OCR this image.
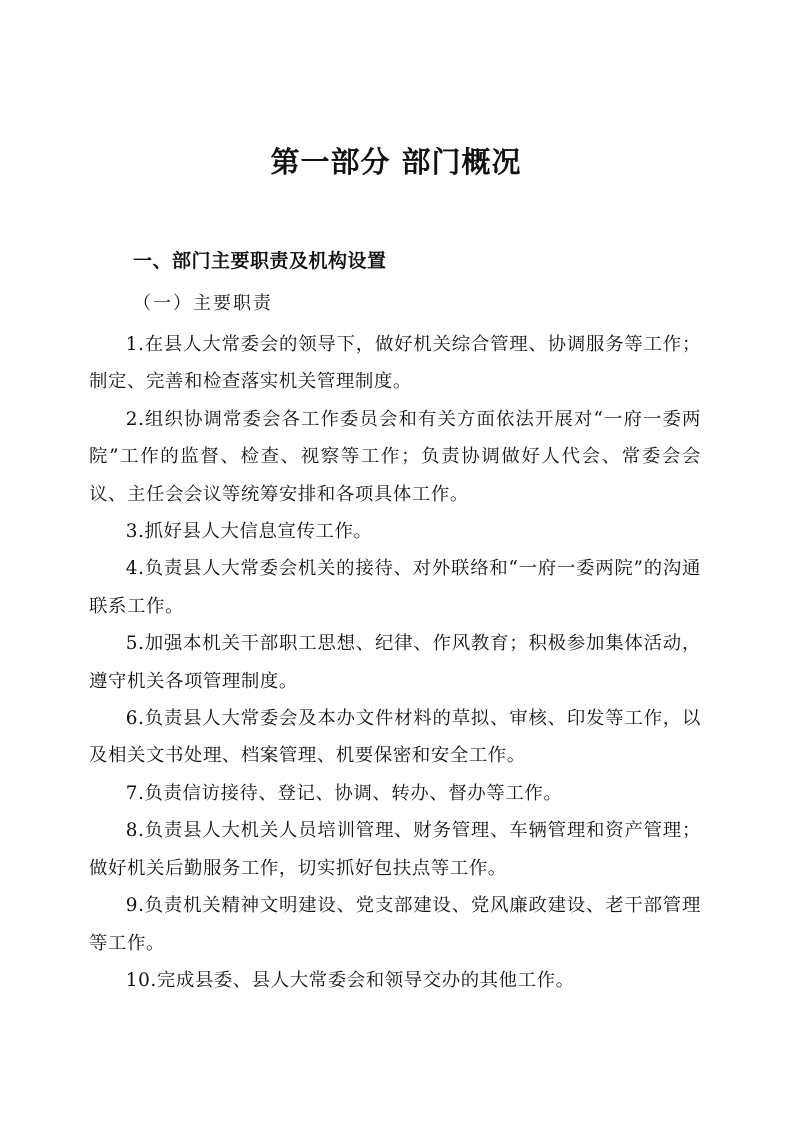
第一部分 部门概况
一、部门主要职责及机构设置
（一）主要职责

1.在县人大常委会的领导下，做好机关综合管理、协调服务等工作；制定、完善和检查落实机关管理制度。

2.组织协调常委会各工作委员会和有关方面依法开展对“一府一委两院”工作的监督、检查、视察等工作；负责协调做好人代会、常委会会议、主任会会议等统筹安排和各项具体工作。

3.抓好县人大信息宣传工作。

4.负责县人大常委会机关的接待、对外联络和“一府一委两院”的沟通联系工作。

5.加强本机关干部职工思想、纪律、作风教育；积极参加集体活动，遵守机关各项管理制度。

6.负责县人大常委会及本办文件材料的草拟、审核、印发等工作，以及相关文书处理、档案管理、机要保密和安全工作。

7.负责信访接待、登记、协调、转办、督办等工作。

8.负责县人大机关人员培训管理、财务管理、车辆管理和资产管理；做好机关后勤服务工作，切实抓好包扶点等工作。

9.负责机关精神文明建设、党支部建设、党风廉政建设、老干部管理等工作。

10.完成县委、县人大常委会和领导交办的其他工作。
